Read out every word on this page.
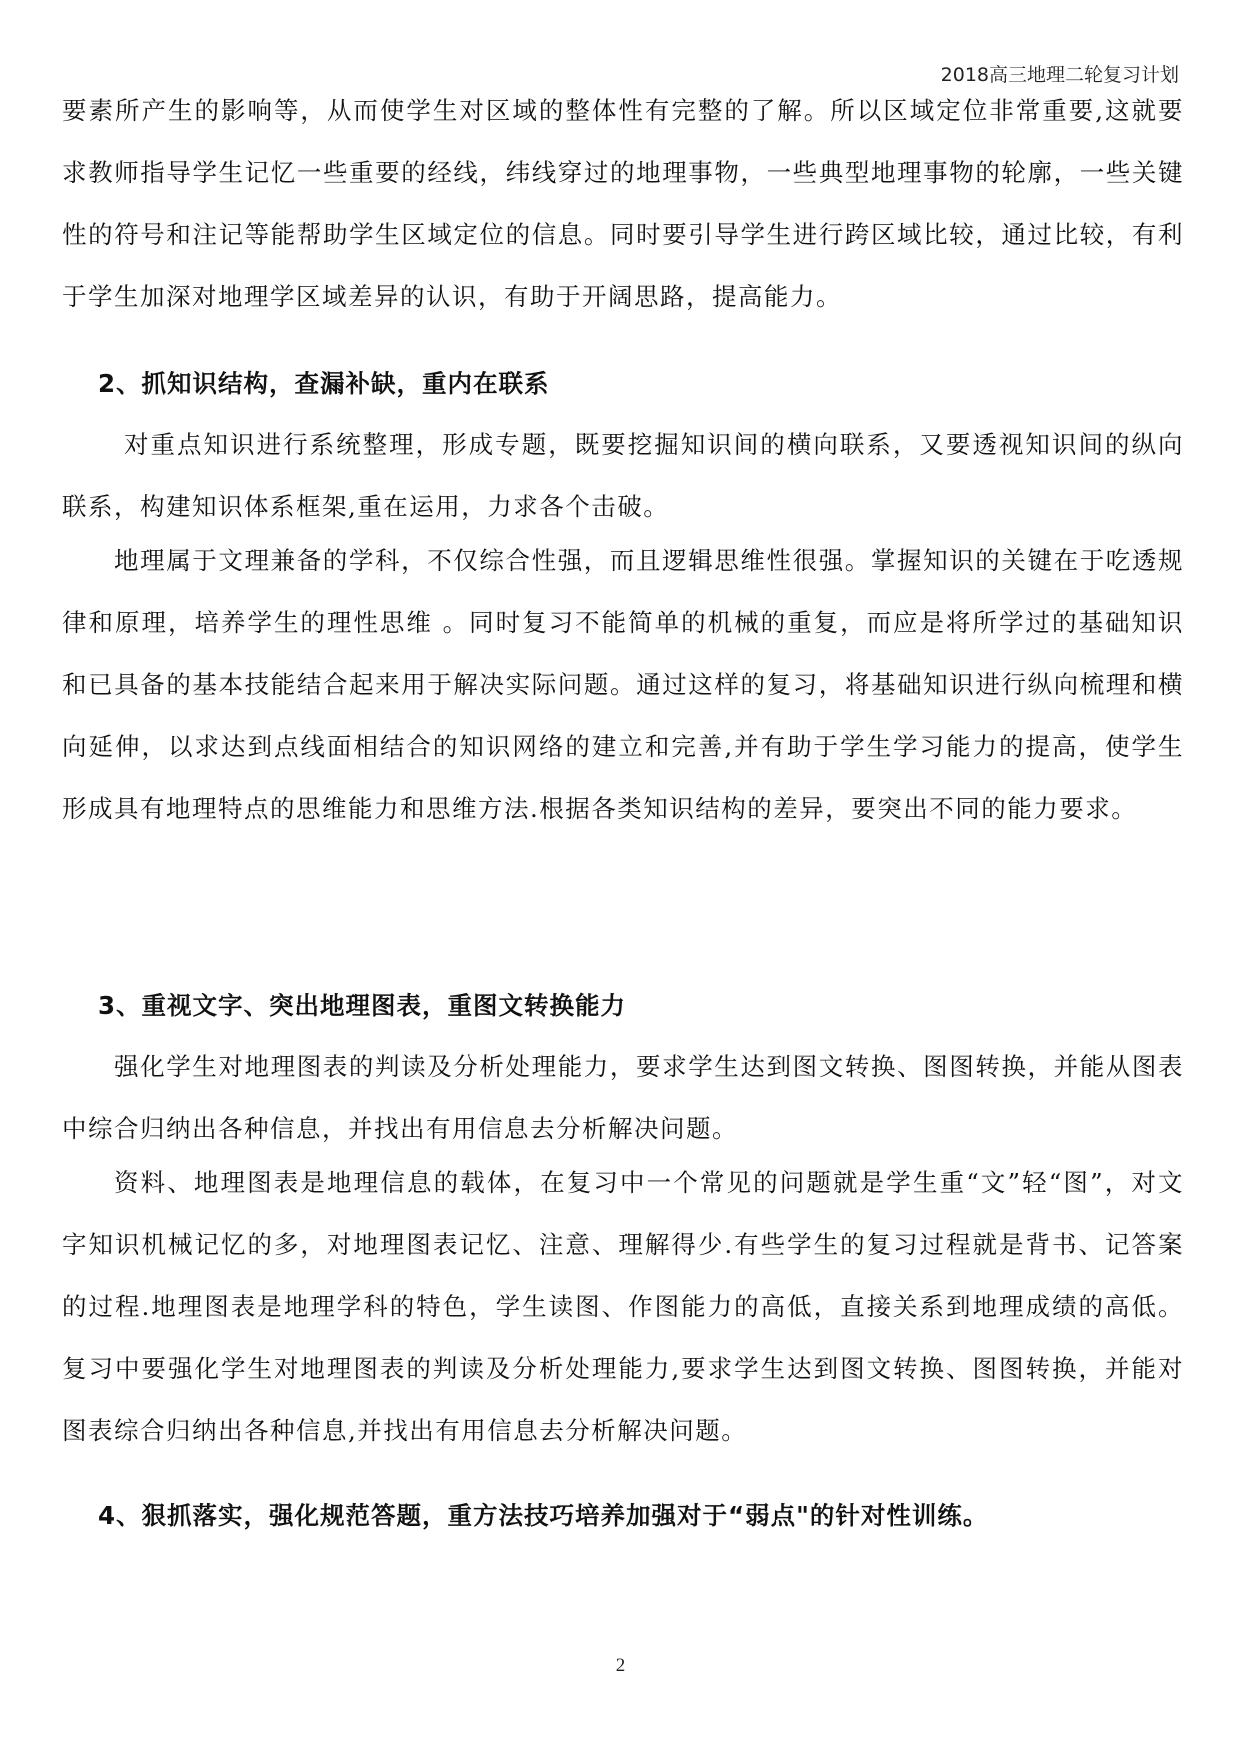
2018高三地理二轮复习计划

要素所产生的影响等，从而使学生对区域的整体性有完整的了解。所以区域定位非常重要,这就要求教师指导学生记忆一些重要的经线，纬线穿过的地理事物，一些典型地理事物的轮廓，一些关键性的符号和注记等能帮助学生区域定位的信息。同时要引导学生进行跨区域比较，通过比较，有利于学生加深对地理学区域差异的认识，有助于开阔思路，提高能力。

2、抓知识结构，查漏补缺，重内在联系

对重点知识进行系统整理，形成专题，既要挖掘知识间的横向联系，又要透视知识间的纵向联系，构建知识体系框架,重在运用，力求各个击破。

地理属于文理兼备的学科，不仅综合性强，而且逻辑思维性很强。掌握知识的关键在于吃透规律和原理，培养学生的理性思维 。同时复习不能简单的机械的重复，而应是将所学过的基础知识和已具备的基本技能结合起来用于解决实际问题。通过这样的复习，将基础知识进行纵向梳理和横向延伸，以求达到点线面相结合的知识网络的建立和完善,并有助于学生学习能力的提高，使学生形成具有地理特点的思维能力和思维方法.根据各类知识结构的差异，要突出不同的能力要求。

3、重视文字、突出地理图表，重图文转换能力

强化学生对地理图表的判读及分析处理能力，要求学生达到图文转换、图图转换，并能从图表中综合归纳出各种信息，并找出有用信息去分析解决问题。

资料、地理图表是地理信息的载体，在复习中一个常见的问题就是学生重“文”轻“图”，对文字知识机械记忆的多，对地理图表记忆、注意、理解得少.有些学生的复习过程就是背书、记答案的过程.地理图表是地理学科的特色，学生读图、作图能力的高低，直接关系到地理成绩的高低。复习中要强化学生对地理图表的判读及分析处理能力,要求学生达到图文转换、图图转换，并能对图表综合归纳出各种信息,并找出有用信息去分析解决问题。

4、狠抓落实，强化规范答题，重方法技巧培养加强对于“弱点"的针对性训练。
2
